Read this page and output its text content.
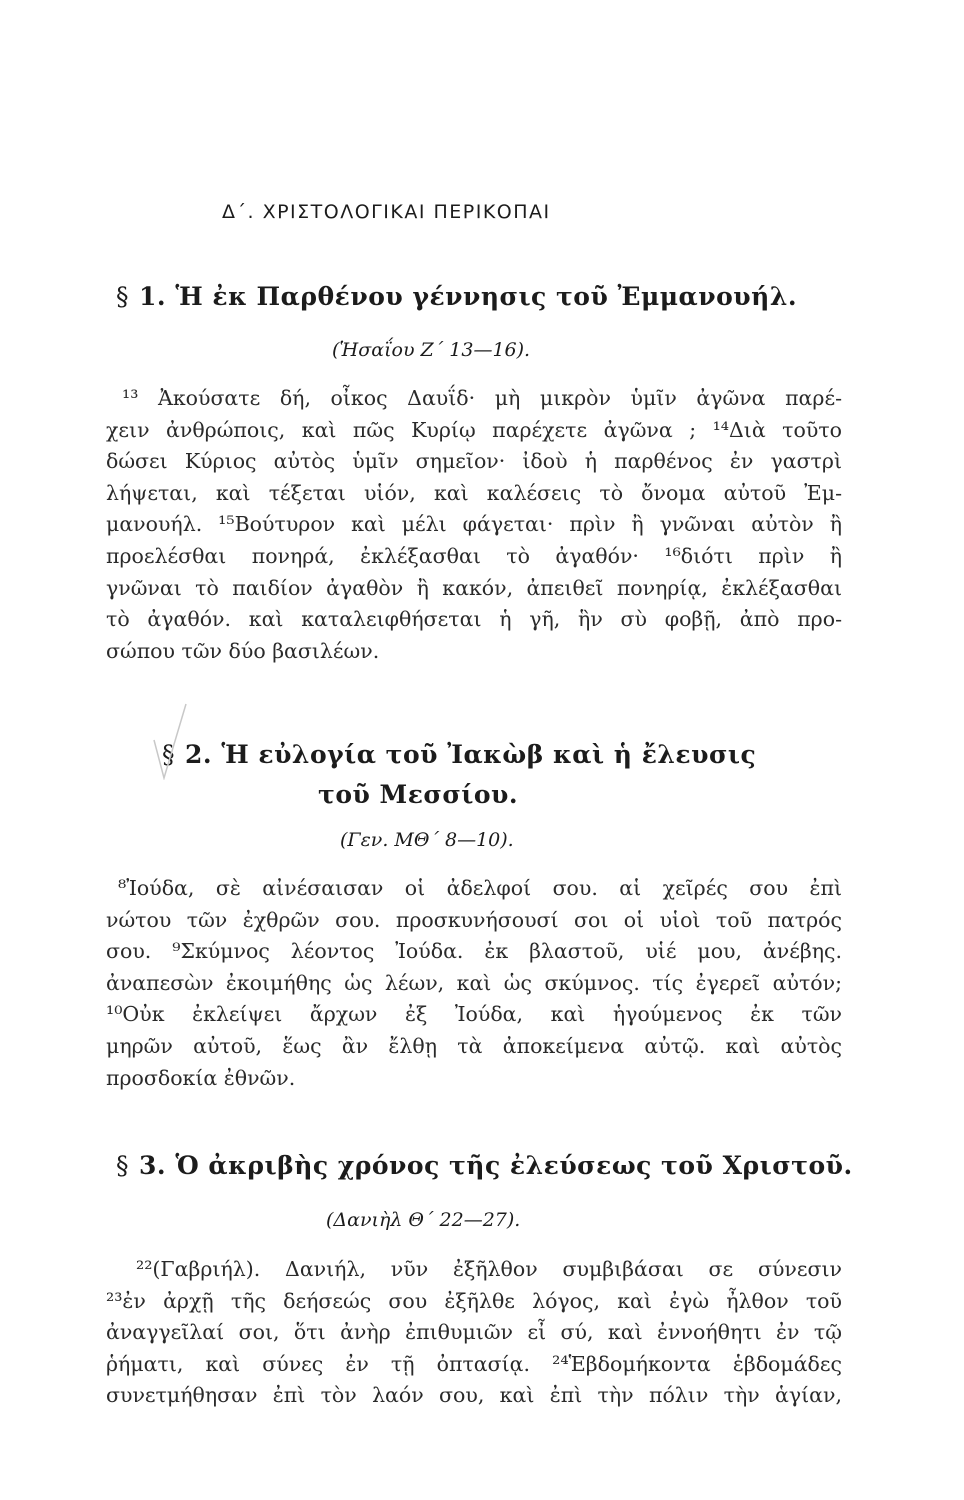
Δ΄. ΧΡΙΣΤΟΛΟΓΙΚΑΙ ΠΕΡΙΚΟΠΑΙ
§ 1. Ἡ ἐκ Παρθένου γέννησις τοῦ Ἐμμανουήλ.
(Ἡσαΐου Ζ΄ 13—16).
¹³ Ἀκούσατε δή, οἶκος Δαυΐδ· μὴ μικρὸν ὑμῖν ἀγῶνα παρέ-
χειν ἀνθρώποις, καὶ πῶς Κυρίῳ παρέχετε ἀγῶνα ; ¹⁴Διὰ τοῦτο
δώσει Κύριος αὐτὸς ὑμῖν σημεῖον· ἰδοὺ ἡ παρθένος ἐν γαστρὶ
λήψεται, καὶ τέξεται υἱόν, καὶ καλέσεις τὸ ὄνομα αὐτοῦ Ἐμ-
μανουήλ. ¹⁵Βούτυρον καὶ μέλι φάγεται· πρὶν ἢ γνῶναι αὐτὸν ἢ
προελέσθαι πονηρά, ἐκλέξασθαι τὸ ἀγαθόν· ¹⁶διότι πρὶν ἢ
γνῶναι τὸ παιδίον ἀγαθὸν ἢ κακόν, ἀπειθεῖ πονηρίᾳ, ἐκλέξασθαι
τὸ ἀγαθόν. καὶ καταλειφθήσεται ἡ γῆ, ἣν σὺ φοβῇ, ἀπὸ προ-
σώπου τῶν δύο βασιλέων.
§ 2. Ἡ εὐλογία τοῦ Ἰακὼβ καὶ ἡ ἔλευσις
τοῦ Μεσσίου.
(Γεν. ΜΘ΄ 8—10).
⁸Ἰούδα, σὲ αἰνέσαισαν οἱ ἀδελφοί σου. αἱ χεῖρές σου ἐπὶ
νώτου τῶν ἐχθρῶν σου. προσκυνήσουσί σοι οἱ υἱοὶ τοῦ πατρός
σου. ⁹Σκύμνος λέοντος Ἰούδα. ἐκ βλαστοῦ, υἱέ μου, ἀνέβης.
ἀναπεσὼν ἐκοιμήθης ὡς λέων, καὶ ὡς σκύμνος. τίς ἐγερεῖ αὐτόν;
¹⁰Οὐκ ἐκλείψει ἄρχων ἐξ Ἰούδα, καὶ ἡγούμενος ἐκ τῶν
μηρῶν αὐτοῦ, ἕως ἂν ἔλθῃ τὰ ἀποκείμενα αὐτῷ. καὶ αὐτὸς
προσδοκία ἐθνῶν.
§ 3. Ὁ ἀκριβὴς χρόνος τῆς ἐλεύσεως τοῦ Χριστοῦ.
(Δανιὴλ Θ΄ 22—27).
²²(Γαβριήλ). Δανιήλ, νῦν ἐξῆλθον συμβιβάσαι σε σύνεσιν
²³ἐν ἀρχῇ τῆς δεήσεώς σου ἐξῆλθε λόγος, καὶ ἐγὼ ἦλθον τοῦ
ἀναγγεῖλαί σοι, ὅτι ἀνὴρ ἐπιθυμιῶν εἶ σύ, καὶ ἐννοήθητι ἐν τῷ
ῥήματι, καὶ σύνες ἐν τῇ ὀπτασίᾳ. ²⁴Ἑβδομήκοντα ἑβδομάδες
συνετμήθησαν ἐπὶ τὸν λαόν σου, καὶ ἐπὶ τὴν πόλιν τὴν ἁγίαν,
